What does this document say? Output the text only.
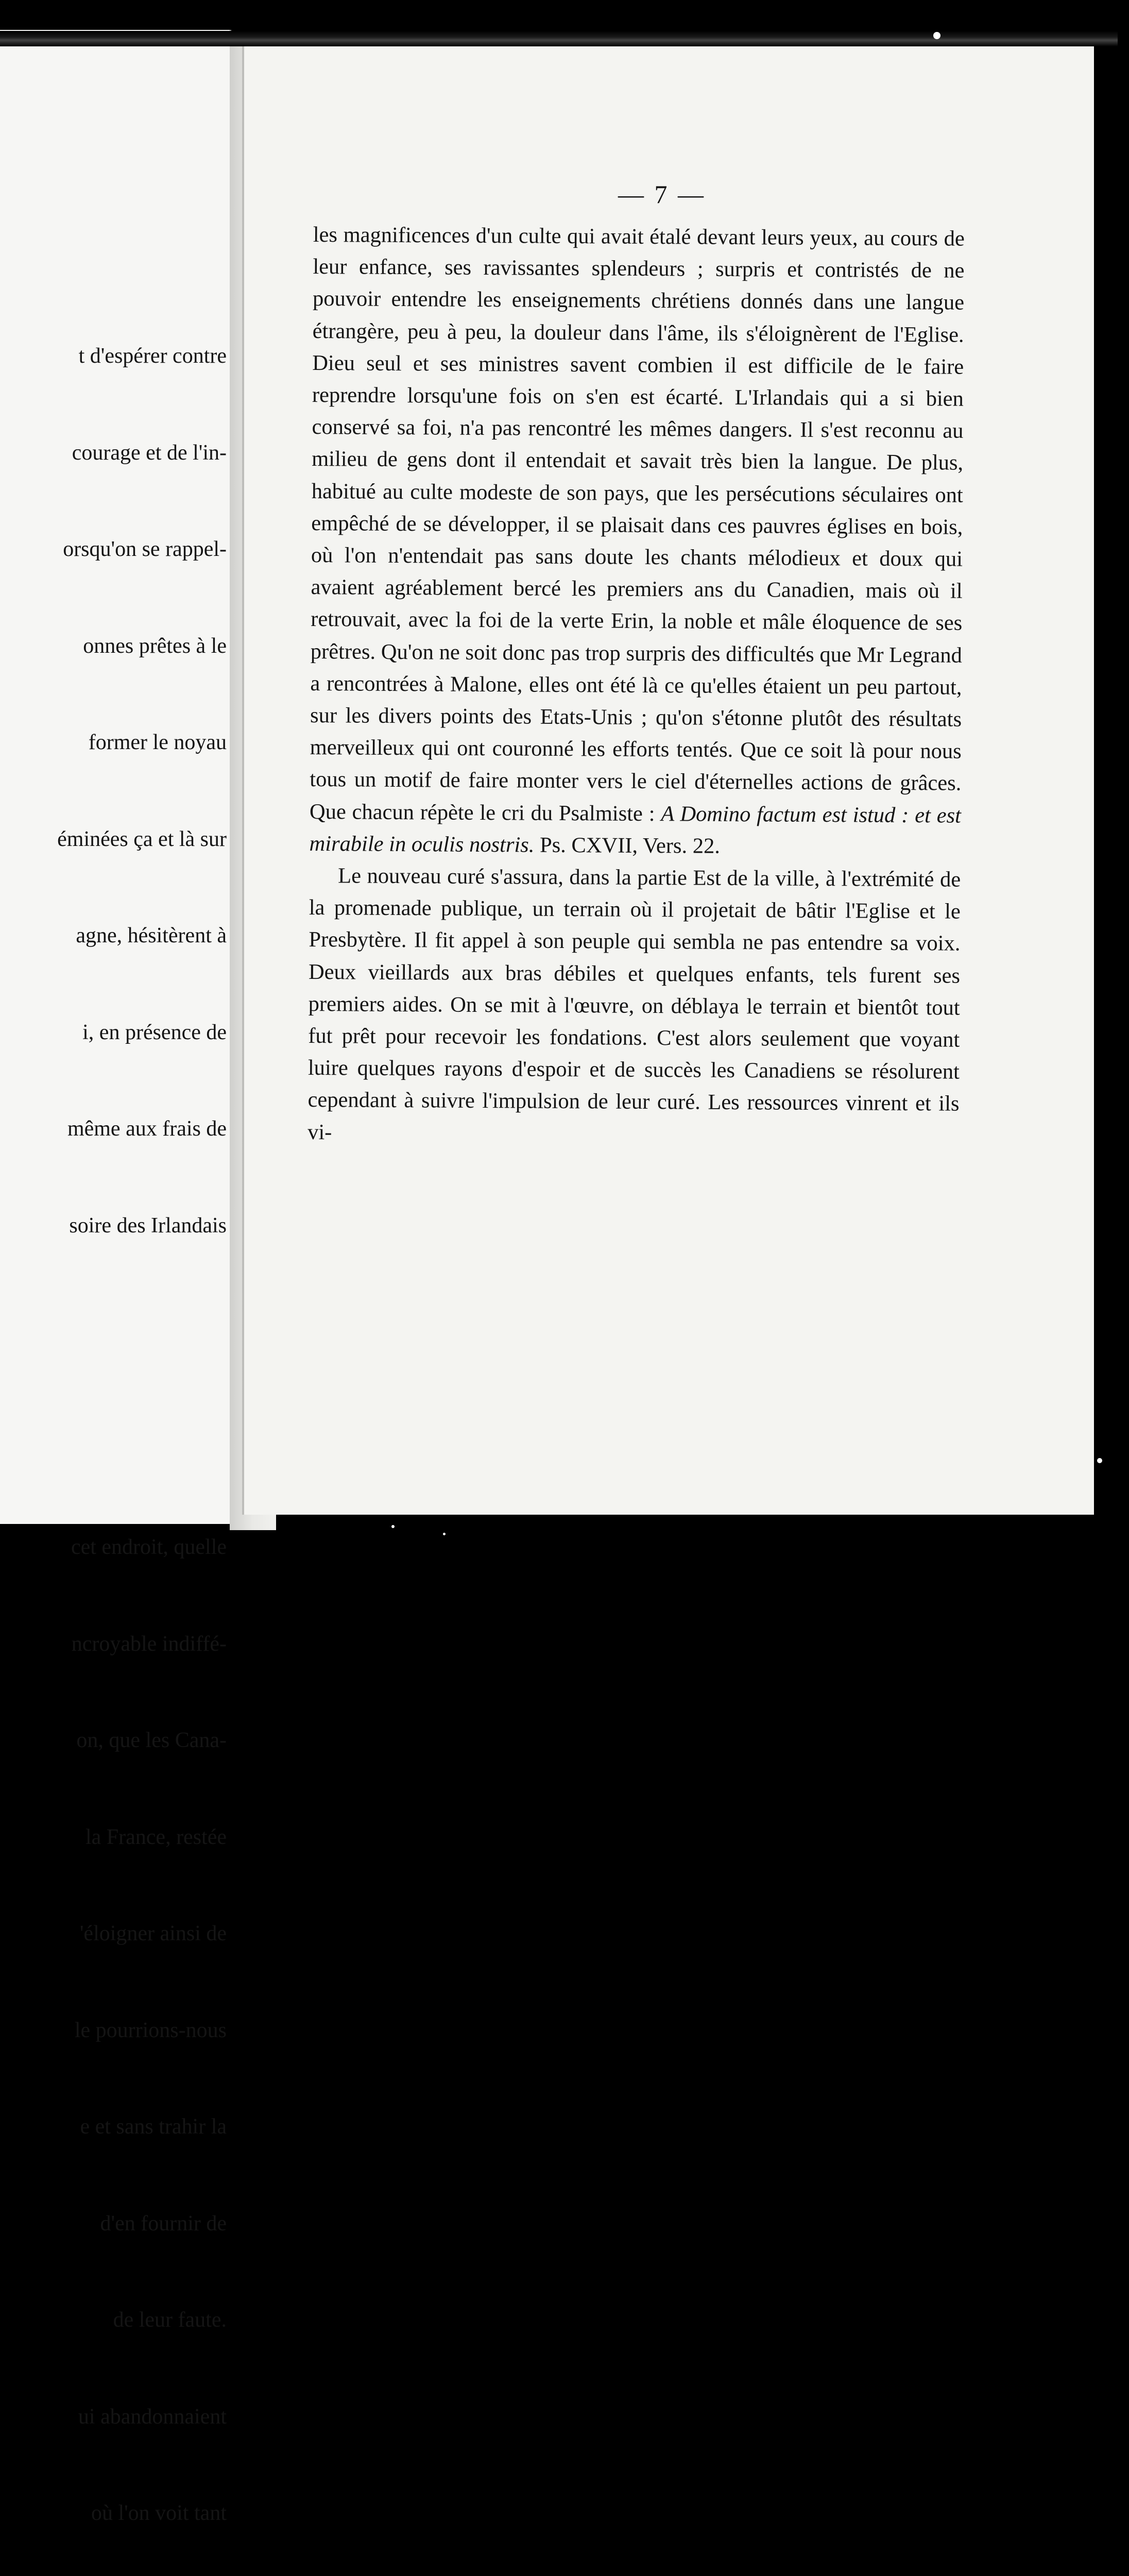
t d'espérer contre

courage et de l'in-

orsqu'on se rappel-

onnes prêtes à le

former le noyau

éminées ça et là sur

agne, hésitèrent à

i, en présence de

même aux frais de

soire des Irlandais

cet endroit, quelle

ncroyable indiffé-

on, que les Cana-

la France, restée

'éloigner ainsi de

le pourrions-nous

e et sans trahir la

d'en fournir de

de leur faute.

ui abandonnaient

où l'on voit tant

— 7 —

les magnificences d'un culte qui avait étalé devant leurs yeux, au cours de leur enfance, ses ravissantes splendeurs ; surpris et contristés de ne pouvoir entendre les enseignements chrétiens donnés dans une langue étrangère, peu à peu, la douleur dans l'âme, ils s'éloignèrent de l'Eglise. Dieu seul et ses ministres savent combien il est difficile de le faire reprendre lorsqu'une fois on s'en est écarté. L'Irlandais qui a si bien conservé sa foi, n'a pas rencontré les mêmes dangers. Il s'est reconnu au milieu de gens dont il entendait et savait très bien la langue. De plus, habitué au culte modeste de son pays, que les persécutions séculaires ont empêché de se développer, il se plaisait dans ces pauvres églises en bois, où l'on n'entendait pas sans doute les chants mélodieux et doux qui avaient agréablement bercé les premiers ans du Canadien, mais où il retrouvait, avec la foi de la verte Erin, la noble et mâle éloquence de ses prêtres. Qu'on ne soit donc pas trop surpris des difficultés que Mr Legrand a rencontrées à Malone, elles ont été là ce qu'elles étaient un peu partout, sur les divers points des Etats-Unis ; qu'on s'étonne plutôt des résultats merveilleux qui ont couronné les efforts tentés. Que ce soit là pour nous tous un motif de faire monter vers le ciel d'éternelles actions de grâces. Que chacun répète le cri du Psalmiste : A Domino factum est istud : et est mirabile in oculis nostris. Ps. CXVII, Vers. 22.

Le nouveau curé s'assura, dans la partie Est de la ville, à l'extrémité de la promenade publique, un terrain où il projetait de bâtir l'Eglise et le Presbytère. Il fit appel à son peuple qui sembla ne pas entendre sa voix. Deux vieillards aux bras débiles et quelques enfants, tels furent ses premiers aides. On se mit à l'œuvre, on déblaya le terrain et bientôt tout fut prêt pour recevoir les fondations. C'est alors seulement que voyant luire quelques rayons d'espoir et de succès les Canadiens se résolurent cependant à suivre l'impulsion de leur curé. Les ressources vinrent et ils vi-
